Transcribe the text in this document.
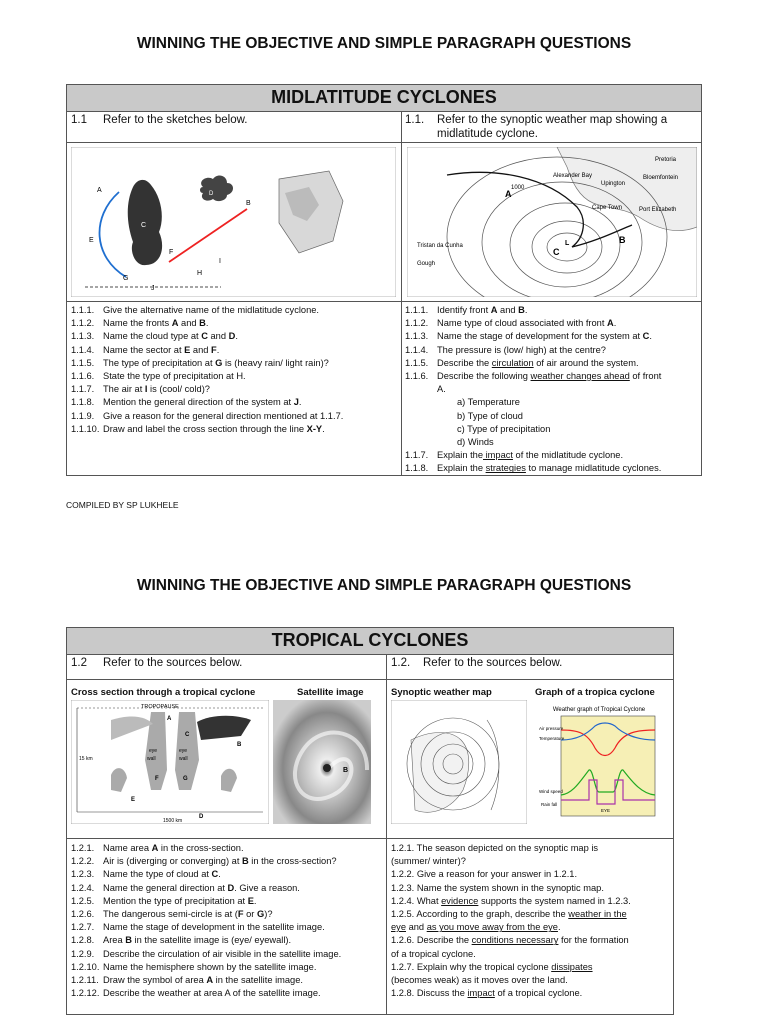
WINNING THE OBJECTIVE AND SIMPLE PARAGRAPH QUESTIONS
MIDLATITUDE CYCLONES
1.1 Refer to the sketches below.	1.1. Refer to the synoptic weather map showing a
midlatitude cyclone.
A
B
C
D
E
F
G
H
I
J
Pretoria
Bloemfontein
Upington
Alexander Bay
Cape Town	Port Elizabeth
Tristan da Cunha
Gough
1000
A
B
C
L
1.1.1. Give the alternative name of the midlatitude cyclone.
1.1.2. Name the fronts A and B.
1.1.3. Name the cloud type at C and D.
1.1.4. Name the sector at E and F.
1.1.5. The type of precipitation at G is (heavy rain/ light rain)?
1.1.6. State the type of precipitation at H.
1.1.7. The air at I is (cool/ cold)?
1.1.8. Mention the general direction of the system at J.
1.1.9. Give a reason for the general direction mentioned at 1.1.7.
1.1.10. Draw and label the cross section through the line X-Y.
1.1.1. Identify front A and B.
1.1.2. Name type of cloud associated with front A.
1.1.3. Name the stage of development for the system at C.
1.1.4. The pressure is (low/ high) at the centre?
1.1.5. Describe the circulation of air around the system.
1.1.6. Describe the following weather changes ahead of front
A.
a) Temperature
b) Type of cloud
c) Type of precipitation
d) Winds
1.1.7. Explain the impact of the midlatitude cyclone.
1.1.8. Explain the strategies to manage midlatitude cyclones.
COMPILED BY SP LUKHELE
WINNING THE OBJECTIVE AND SIMPLE PARAGRAPH QUESTIONS
TROPICAL CYCLONES
1.2 Refer to the sources below.	1.2. Refer to the sources below.
Cross section through a tropical cyclone	Satellite image	Synoptic weather map	Graph of a tropica cyclone
TROPOPAUSE
A
B
C
D
E
F	G
eye
wall
eye
wall
15 km
1500 km
B
Weather graph of Tropical Cyclone
Air pressure
Temperature
Wind speed
Rain fall
EYE
1.2.1. Name area A in the cross-section.
1.2.2. Air is (diverging or converging) at B in the cross-section?
1.2.3. Name the type of cloud at C.
1.2.4. Name the general direction at D. Give a reason.
1.2.5. Mention the type of precipitation at E.
1.2.6. The dangerous semi-circle is at (F or G)?
1.2.7. Name the stage of development in the satellite image.
1.2.8. Area B in the satellite image is (eye/ eyewall).
1.2.9. Describe the circulation of air visible in the satellite image.
1.2.10. Name the hemisphere shown by the satellite image.
1.2.11. Draw the symbol of area A in the satellite image.
1.2.12. Describe the weather at area A of the satellite image.
1.2.1. The season depicted on the synoptic map is
(summer/ winter)?
1.2.2. Give a reason for your answer in 1.2.1.
1.2.3. Name the system shown in the synoptic map.
1.2.4. What evidence supports the system named in 1.2.3.
1.2.5. According to the graph, describe the weather in the
eye and as you move away from the eye.
1.2.6. Describe the conditions necessary for the formation
of a tropical cyclone.
1.2.7. Explain why the tropical cyclone dissipates
(becomes weak) as it moves over the land.
1.2.8. Discuss the impact of a tropical cyclone.
